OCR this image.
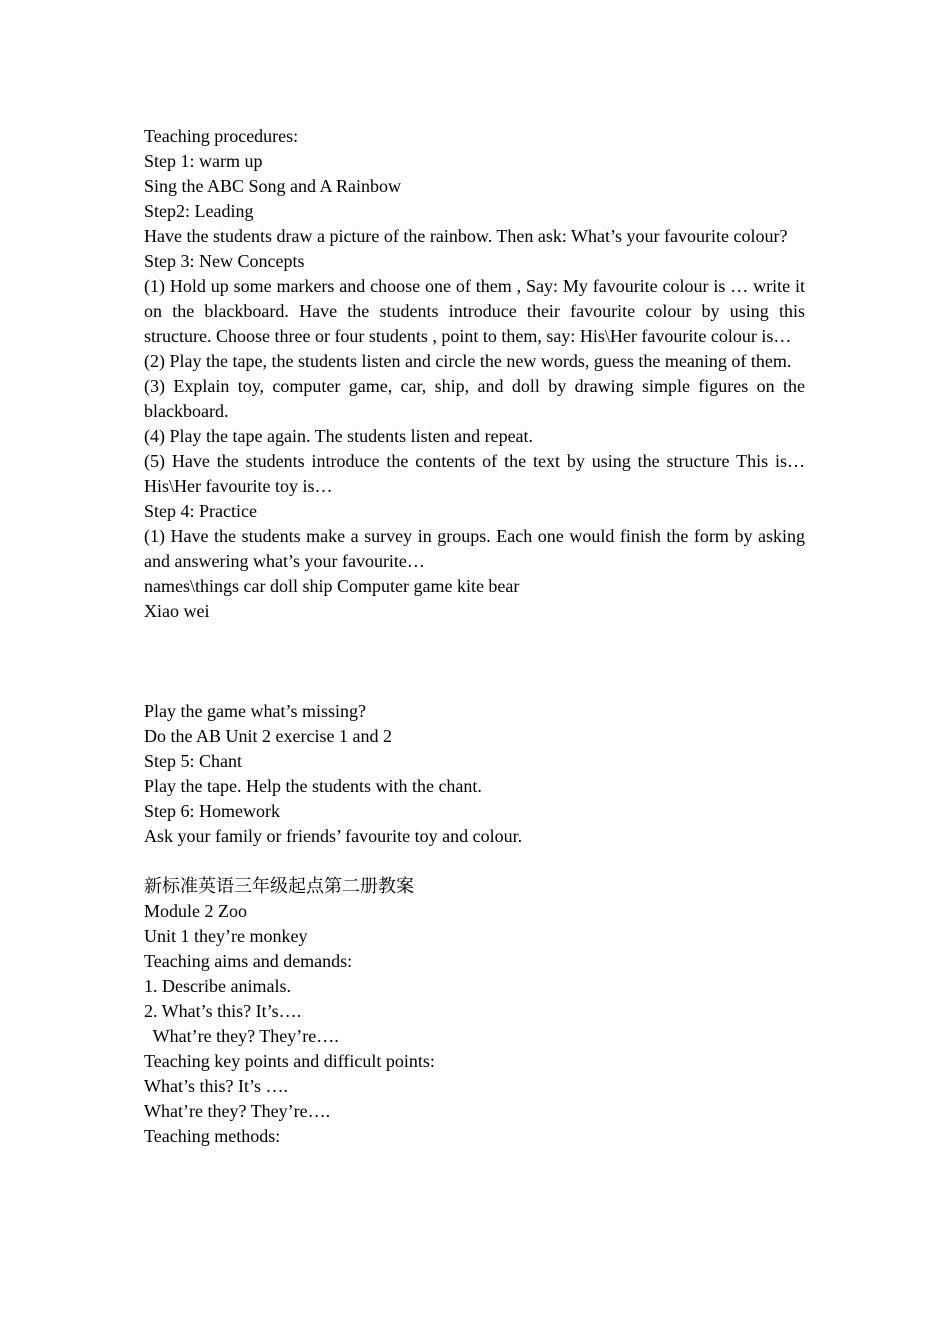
Teaching procedures:

Step 1: warm up

Sing the ABC Song and A Rainbow

Step2: Leading

Have the students draw a picture of the rainbow. Then ask: What’s your favourite colour?

Step 3: New Concepts

(1) Hold up some markers and choose one of them , Say: My favourite colour is … write it on the blackboard. Have the students introduce their favourite colour by using this structure. Choose three or four students , point to them, say: His\Her favourite colour is…

(2) Play the tape, the students listen and circle the new words, guess the meaning of them.

(3) Explain toy, computer game, car, ship, and doll by drawing simple figures on the blackboard.

(4) Play the tape again. The students listen and repeat.

(5) Have the students introduce the contents of the text by using the structure This is…His\Her favourite toy is…

Step 4: Practice

(1) Have the students make a survey in groups. Each one would finish the form by asking and answering what’s your favourite…

names\things car doll ship Computer game kite bear

Xiao wei

Play the game what’s missing?

Do the AB Unit 2 exercise 1 and 2

Step 5: Chant

Play the tape. Help the students with the chant.

Step 6: Homework

Ask your family or friends’ favourite toy and colour.

新标准英语三年级起点第二册教案

Module 2 Zoo

Unit 1 they’re monkey

Teaching aims and demands:

1. Describe animals.

2. What’s this? It’s….

What’re they? They’re….

Teaching key points and difficult points:

What’s this? It’s ….

What’re they? They’re….

Teaching methods:
